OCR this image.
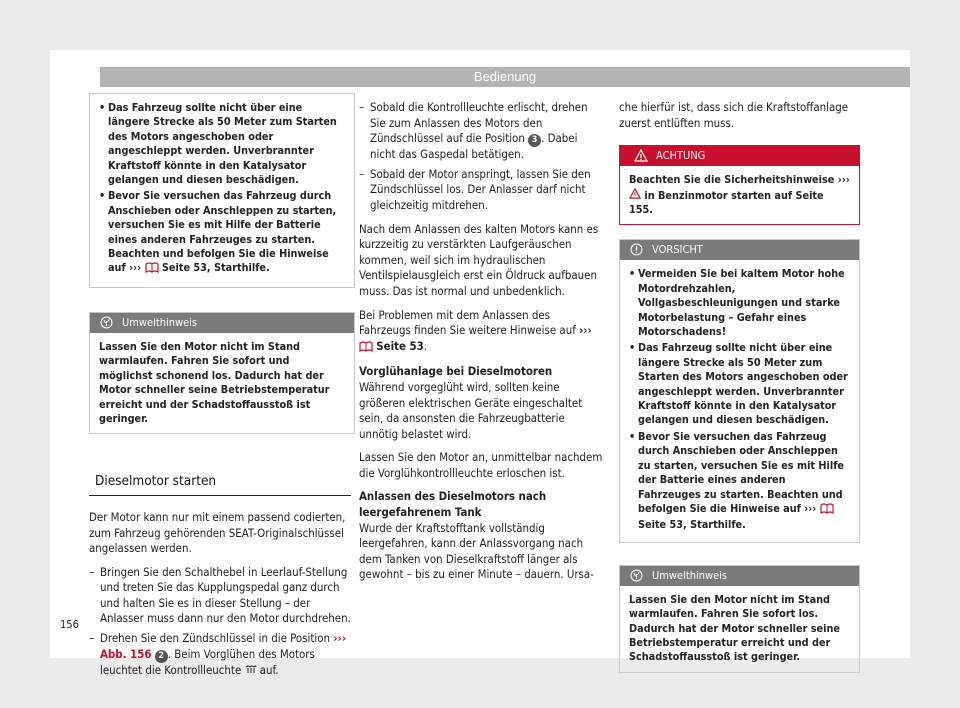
Bedienung
• Das Fahrzeug sollte nicht über eine längere Strecke als 50 Meter zum Starten des Motors angeschoben oder angeschleppt werden. Unverbrannter Kraftstoff könnte in den Katalysator gelangen und diesen beschädigen.
• Bevor Sie versuchen das Fahrzeug durch Anschieben oder Anschleppen zu starten, versuchen Sie es mit Hilfe der Batterie eines anderen Fahrzeuges zu starten. Beachten und befolgen Sie die Hinweise auf ››› Seite 53, Starthilfe.
Umwelthinweis
Lassen Sie den Motor nicht im Stand warmlaufen. Fahren Sie sofort und möglichst schonend los. Dadurch hat der Motor schneller seine Betriebstemperatur erreicht und der Schadstoffausstoß ist geringer.
Dieselmotor starten

Der Motor kann nur mit einem passend codierten, zum Fahrzeug gehörenden SEAT-Originalschlüssel angelassen werden.

– Bringen Sie den Schalthebel in Leerlauf-Stellung und treten Sie das Kupplungspedal ganz durch und halten Sie es in dieser Stellung – der Anlasser muss dann nur den Motor durchdrehen.
– Drehen Sie den Zündschlüssel in die Position ››› Abb. 156 2 . Beim Vorglühen des Motors leuchtet die Kontrollleuchte auf.
– Sobald die Kontrollleuchte erlischt, drehen Sie zum Anlassen des Motors den Zündschlüssel auf die Position 3 . Dabei nicht das Gaspedal betätigen.
– Sobald der Motor anspringt, lassen Sie den Zündschlüssel los. Der Anlasser darf nicht gleichzeitig mitdrehen.

Nach dem Anlassen des kalten Motors kann es kurzzeitig zu verstärkten Laufgeräuschen kommen, weil sich im hydraulischen Ventilspielausgleich erst ein Öldruck aufbauen muss. Das ist normal und unbedenklich.

Bei Problemen mit dem Anlassen des Fahrzeugs finden Sie weitere Hinweise auf ›››  Seite 53.

Vorglühanlage bei Dieselmotoren

Während vorgeglüht wird, sollten keine größeren elektrischen Geräte eingeschaltet sein, da ansonsten die Fahrzeugbatterie unnötig belastet wird.

Lassen Sie den Motor an, unmittelbar nachdem die Vorglühkontrollleuchte erloschen ist.

Anlassen des Dieselmotors nach leergefahrenem Tank

Wurde der Kraftstofftank vollständig leergefahren, kann der Anlassvorgang nach dem Tanken von Dieselkraftstoff länger als gewohnt – bis zu einer Minute – dauern. Ursa-

che hierfür ist, dass sich die Kraftstoffanlage zuerst entlüften muss.

ACHTUNG
Beachten Sie die Sicherheitshinweise ›››  in Benzinmotor starten auf Seite 155.
VORSICHT
• Vermeiden Sie bei kaltem Motor hohe Motordrehzahlen, Vollgasbeschleunigungen und starke Motorbelastung – Gefahr eines Motorschadens!
• Das Fahrzeug sollte nicht über eine längere Strecke als 50 Meter zum Starten des Motors angeschoben oder angeschleppt werden. Unverbrannter Kraftstoff könnte in den Katalysator gelangen und diesen beschädigen.
• Bevor Sie versuchen das Fahrzeug durch Anschieben oder Anschleppen zu starten, versuchen Sie es mit Hilfe der Batterie eines anderen Fahrzeuges zu starten. Beachten und befolgen Sie die Hinweise auf ›››  Seite 53, Starthilfe.
Umwelthinweis
Lassen Sie den Motor nicht im Stand warmlaufen. Fahren Sie sofort los. Dadurch hat der Motor schneller seine Betriebstemperatur erreicht und der Schadstoffausstoß ist geringer.
156
